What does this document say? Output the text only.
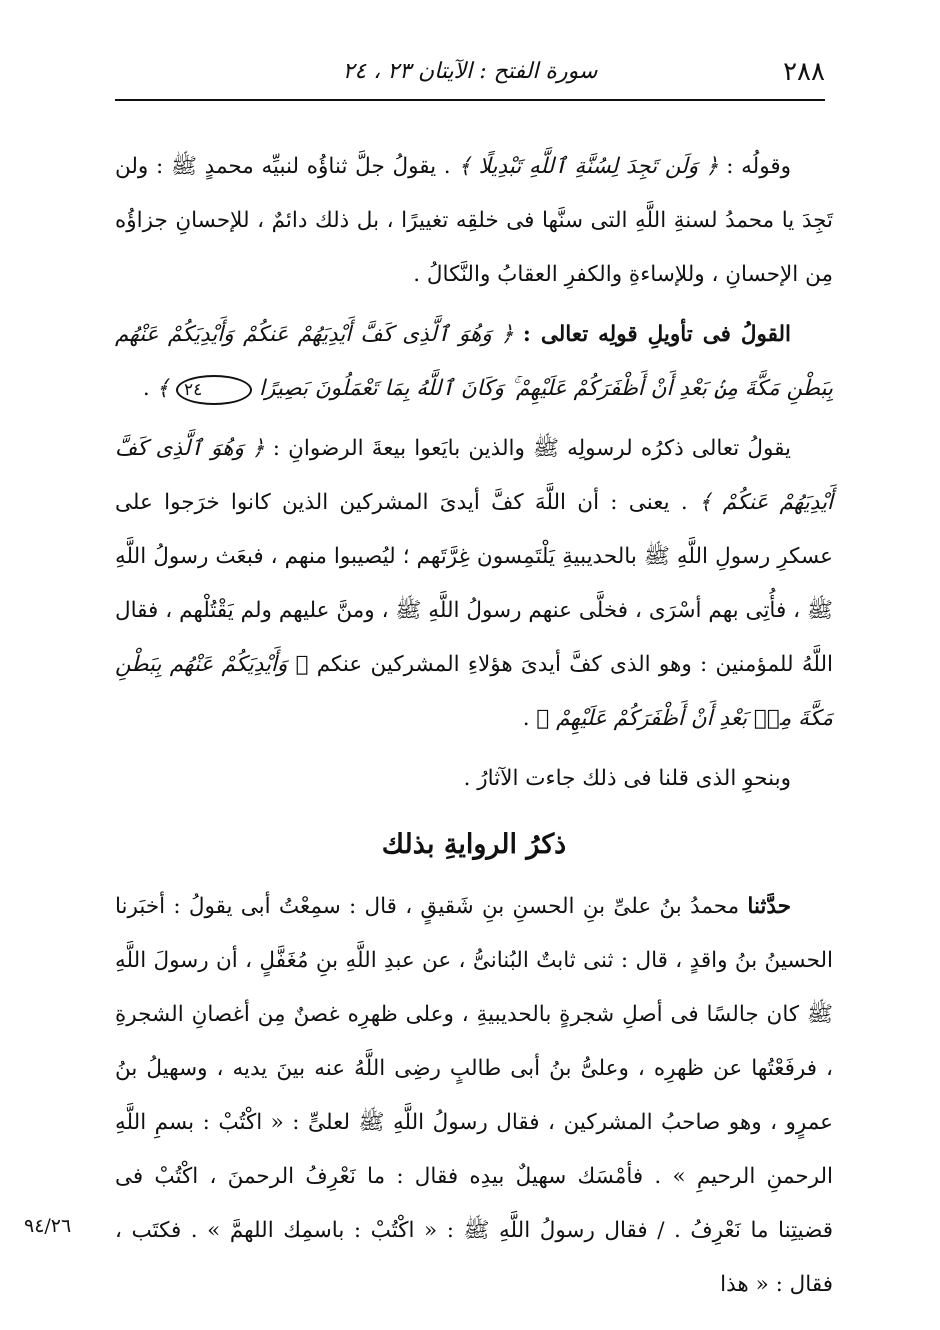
٢٨٨
سورة الفتح : الآيتان ٢٣ ، ٢٤

وقولُه : ﴿ وَلَن تَجِدَ لِسُنَّةِ ٱللَّهِ تَبْدِيلًا ﴾ . يقولُ جلَّ ثناؤُه لنبيِّه محمدٍ ﷺ : ولن تَجِدَ يا محمدُ لسنةِ اللَّهِ التى سنَّها فى خلقِه تغييرًا ، بل ذلك دائمٌ ، للإحسانِ جزاؤُه مِن الإحسانِ ، وللإساءةِ والكفرِ العقابُ والنَّكالُ .

القولُ فى تأويلِ قولِه تعالى : ﴿ وَهُوَ ٱلَّذِى كَفَّ أَيْدِيَهُمْ عَنكُمْ وَأَيْدِيَكُمْ عَنْهُم بِبَطْنِ مَكَّةَ مِنۢ بَعْدِ أَنْ أَظْفَرَكُمْ عَلَيْهِمْ ۚ وَكَانَ ٱللَّهُ بِمَا تَعْمَلُونَ بَصِيرًا ٢٤ ﴾ .

يقولُ تعالى ذكرُه لرسولِه ﷺ والذين بايَعوا بيعةَ الرضوانِ : ﴿ وَهُوَ ٱلَّذِى كَفَّ أَيْدِيَهُمْ عَنكُمْ ﴾ . يعنى : أن اللَّهَ كفَّ أيدىَ المشركين الذين كانوا خرَجوا على عسكرِ رسولِ اللَّهِ ﷺ بالحديبيةِ يَلْتَمِسون غِرَّتَهم ؛ ليُصيبوا منهم ، فبعَث رسولُ اللَّهِ ﷺ ، فأُتِى بهم أسْرَى ، فخلَّى عنهم رسولُ اللَّهِ ﷺ ، ومنَّ عليهم ولم يَقْتُلْهم ، فقال اللَّهُ للمؤمنين : وهو الذى كفَّ أيدىَ هؤلاءِ المشركين عنكم ﴿ وَأَيْدِيَكُمْ عَنْهُم بِبَطْنِ مَكَّةَ مِنۢ بَعْدِ أَنْ أَظْفَرَكُمْ عَلَيْهِمْ ﴾ .

وبنحوِ الذى قلنا فى ذلك جاءت الآثارُ .

ذكرُ الروايةِ بذلك

حدَّثنا محمدُ بنُ علىِّ بنِ الحسنِ بنِ شَقيقٍ ، قال : سمِعْتُ أبى يقولُ : أخبَرنا الحسينُ بنُ واقدٍ ، قال : ثنى ثابتٌ البُنانىُّ ، عن عبدِ اللَّهِ بنِ مُغَفَّلٍ ، أن رسولَ اللَّهِ ﷺ كان جالسًا فى أصلِ شجرةٍ بالحديبيةِ ، وعلى ظهرِه غصنٌ مِن أغصانِ الشجرةِ ، فرفَعْتُها عن ظهرِه ، وعلىُّ بنُ أبى طالبٍ رضِى اللَّهُ عنه بينَ يديه ، وسهيلُ بنُ عمرٍو ، وهو صاحبُ المشركين ، فقال رسولُ اللَّهِ ﷺ لعلىٍّ : « اكْتُبْ : بسمِ اللَّهِ الرحمنِ الرحيمِ » . فأمْسَك سهيلٌ بيدِه فقال : ما نَعْرِفُ الرحمنَ ، اكْتُبْ فى قضيتِنا ما نَعْرِفُ . / فقال رسولُ اللَّهِ ﷺ : « اكْتُبْ : باسمِك اللهمَّ » . فكتَب ، فقال : « هذا

٩٤/٢٦
